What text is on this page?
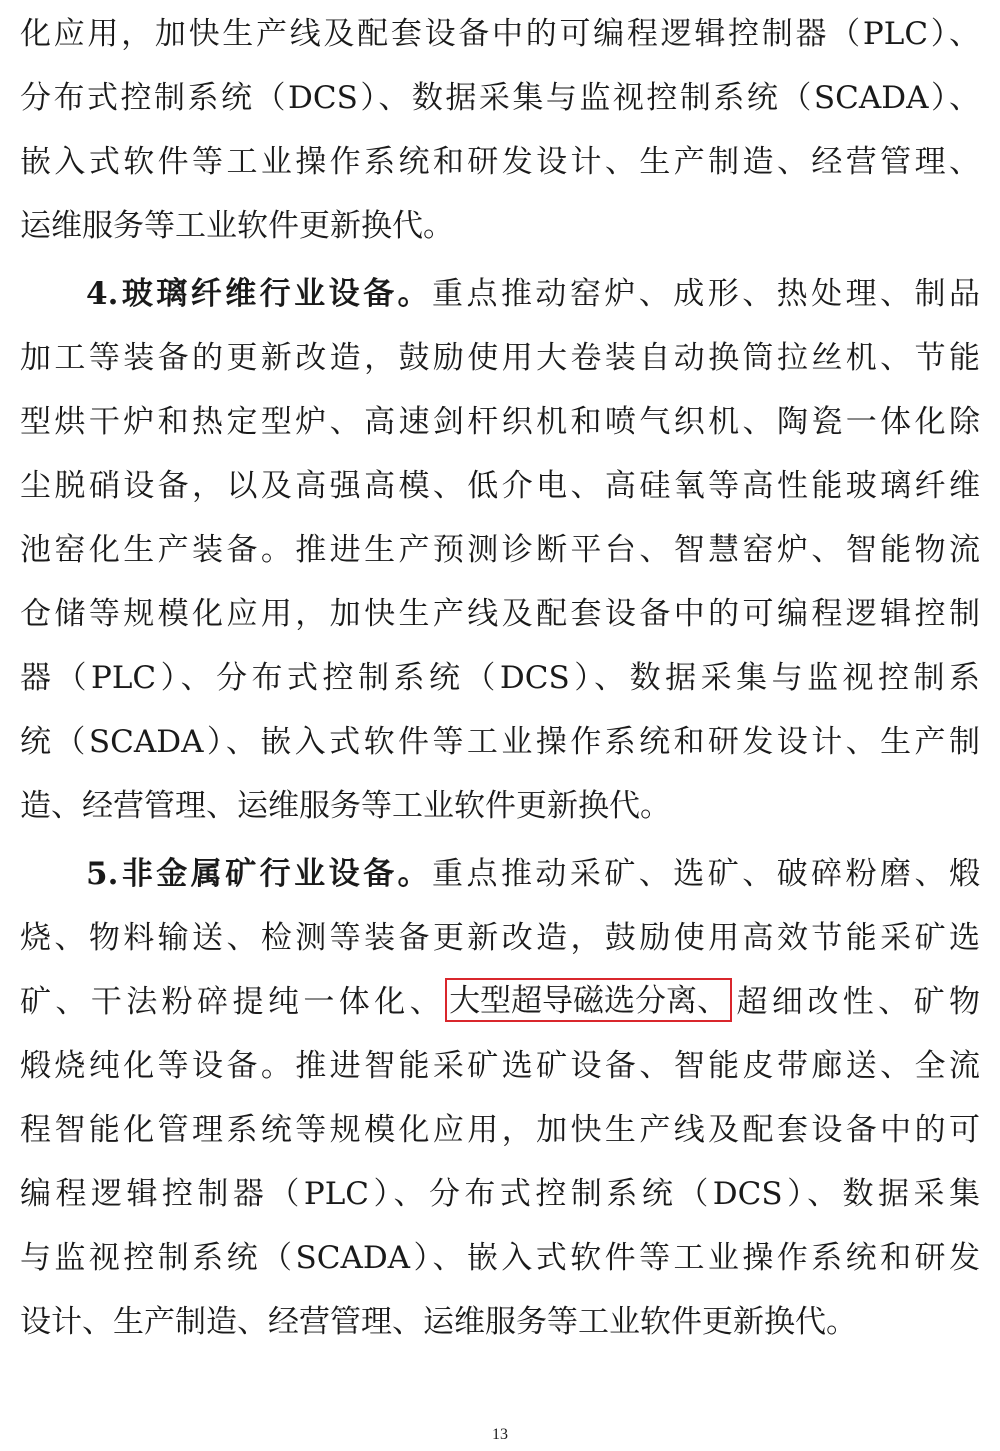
化应用，加快生产线及配套设备中的可编程逻辑控制器（PLC）、
分布式控制系统（DCS）、数据采集与监视控制系统（SCADA）、
嵌入式软件等工业操作系统和研发设计、生产制造、经营管理、
运维服务等工业软件更新换代。
4.玻璃纤维行业设备。重点推动窑炉、成形、热处理、制品
加工等装备的更新改造，鼓励使用大卷装自动换筒拉丝机、节能
型烘干炉和热定型炉、高速剑杆织机和喷气织机、陶瓷一体化除
尘脱硝设备，以及高强高模、低介电、高硅氧等高性能玻璃纤维
池窑化生产装备。推进生产预测诊断平台、智慧窑炉、智能物流
仓储等规模化应用，加快生产线及配套设备中的可编程逻辑控制
器（PLC）、分布式控制系统（DCS）、数据采集与监视控制系
统（SCADA）、嵌入式软件等工业操作系统和研发设计、生产制
造、经营管理、运维服务等工业软件更新换代。
5.非金属矿行业设备。重点推动采矿、选矿、破碎粉磨、煅
烧、物料输送、检测等装备更新改造，鼓励使用高效节能采矿选
矿、干法粉碎提纯一体化、 大型超导磁选分离、 超细改性、矿物
煅烧纯化等设备。推进智能采矿选矿设备、智能皮带廊送、全流
程智能化管理系统等规模化应用，加快生产线及配套设备中的可
编程逻辑控制器（PLC）、分布式控制系统（DCS）、数据采集
与监视控制系统（SCADA）、嵌入式软件等工业操作系统和研发
设计、生产制造、经营管理、运维服务等工业软件更新换代。
13
